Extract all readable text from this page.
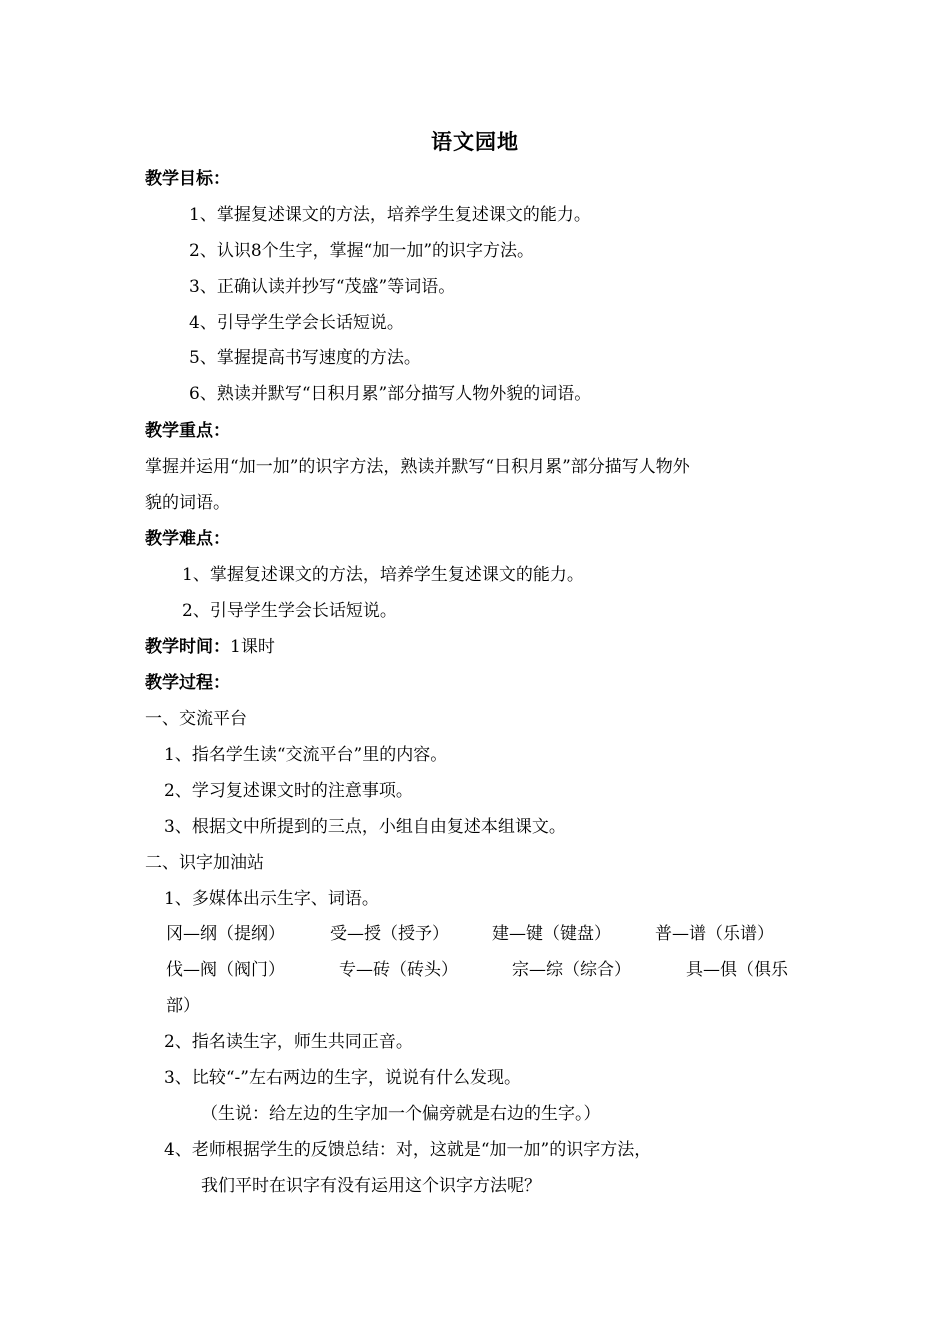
语文园地
教学目标：
1、掌握复述课文的方法，培养学生复述课文的能力。
2、认识8个生字，掌握“加一加”的识字方法。
3、正确认读并抄写“茂盛”等词语。
4、引导学生学会长话短说。
5、掌握提高书写速度的方法。
6、熟读并默写“日积月累”部分描写人物外貌的词语。
教学重点：
掌握并运用“加一加”的识字方法，熟读并默写“日积月累”部分描写人物外
貌的词语。
教学难点：
1、掌握复述课文的方法，培养学生复述课文的能力。
2、引导学生学会长话短说。
教学时间：1课时
教学过程：
一、交流平台
1、指名学生读“交流平台”里的内容。
2、学习复述课文时的注意事项。
3、根据文中所提到的三点，小组自由复述本组课文。
二、识字加油站
1、多媒体出示生字、词语。
冈—纲（提纲）	受—授（授予）	建—键（键盘）	普—谱（乐谱）
伐—阀（阀门）	专—砖（砖头）	宗—综（综合）	具—俱（俱乐
部）
2、指名读生字，师生共同正音。
3、比较“-”左右两边的生字，说说有什么发现。
（生说：给左边的生字加一个偏旁就是右边的生字。）
4、老师根据学生的反馈总结：对，这就是“加一加”的识字方法，
我们平时在识字有没有运用这个识字方法呢？
